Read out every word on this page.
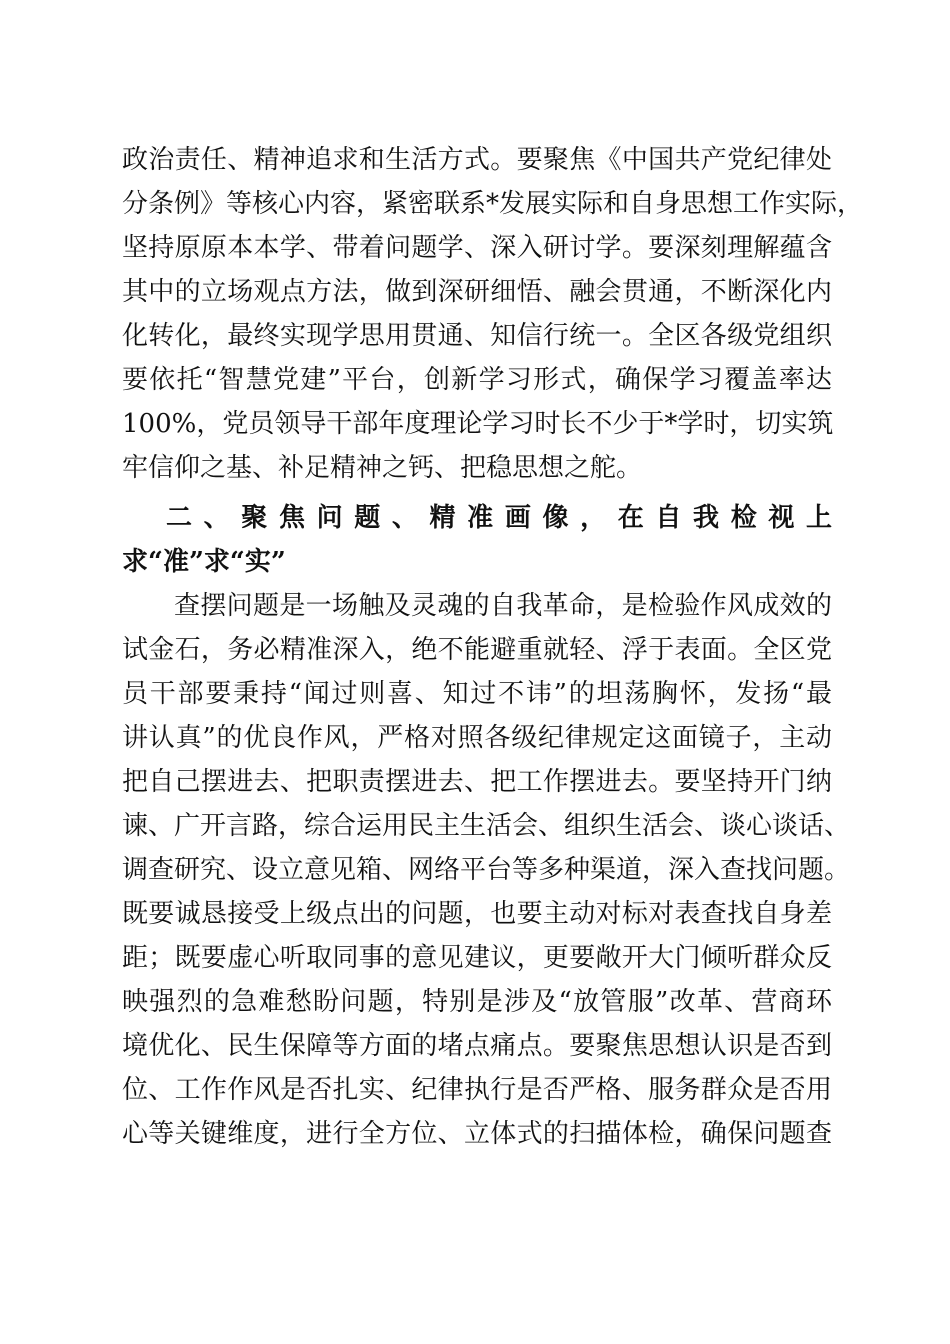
政治责任、精神追求和生活方式。要聚焦《中国共产党纪律处
分条例》等核心内容，紧密联系*发展实际和自身思想工作实际，
坚持原原本本学、带着问题学、深入研讨学。要深刻理解蕴含
其中的立场观点方法，做到深研细悟、融会贯通，不断深化内
化转化，最终实现学思用贯通、知信行统一。全区各级党组织
要依托“智慧党建”平台，创新学习形式，确保学习覆盖率达
100%，党员领导干部年度理论学习时长不少于*学时，切实筑
牢信仰之基、补足精神之钙、把稳思想之舵。
二、聚焦问题、精准画像，在自我检视上
求“准”求“实”
查摆问题是一场触及灵魂的自我革命，是检验作风成效的
试金石，务必精准深入，绝不能避重就轻、浮于表面。全区党
员干部要秉持“闻过则喜、知过不讳”的坦荡胸怀，发扬“最
讲认真”的优良作风，严格对照各级纪律规定这面镜子，主动
把自己摆进去、把职责摆进去、把工作摆进去。要坚持开门纳
谏、广开言路，综合运用民主生活会、组织生活会、谈心谈话、
调查研究、设立意见箱、网络平台等多种渠道，深入查找问题。
既要诚恳接受上级点出的问题，也要主动对标对表查找自身差
距；既要虚心听取同事的意见建议，更要敞开大门倾听群众反
映强烈的急难愁盼问题，特别是涉及“放管服”改革、营商环
境优化、民生保障等方面的堵点痛点。要聚焦思想认识是否到
位、工作作风是否扎实、纪律执行是否严格、服务群众是否用
心等关键维度，进行全方位、立体式的扫描体检，确保问题查
